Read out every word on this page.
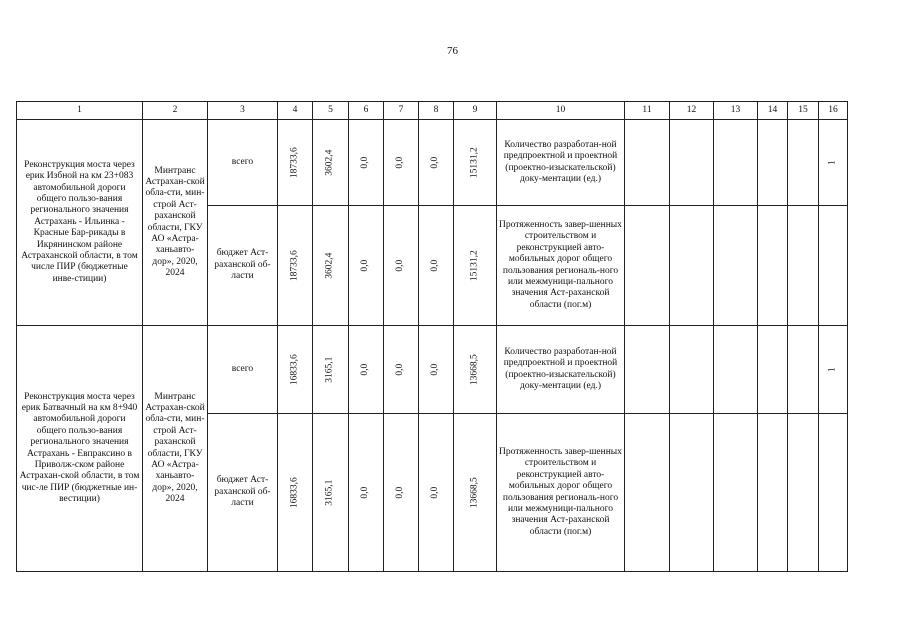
76
1	2	3	4	5	6	7	8	9	10	11	12	13	14	15	16
Реконструкция моста через ерик Избной на км 23+083 автомобильной дороги общего пользо-вания регионального значения Астрахань - Ильинка - Красные Бар-рикады в Икрянинском районе Астраханской области, в том числе ПИР (бюджетные инве-стиции)	Минтранс Астрахан-ской обла-сти, мин-строй Аст-раханской области, ГКУ АО «Астра-ханьавто-дор», 2020, 2024	всего	18733,6	3602,4	0,0	0,0	0,0	15131,2	Количество разработан-ной предпроектной и проектной (проектно-изыскательской) доку-ментации (ед.)						1
		бюджет Аст-раханской об-ласти	18733,6	3602,4	0,0	0,0	0,0	15131,2	Протяженность завер-шенных строительством и реконструкцией авто-мобильных дорог общего пользования региональ-ного или межмуници-пального значения Аст-раханской области (пог.м)						
Реконструкция моста через ерик Батвачный на км 8+940 автомобильной дороги общего пользо-вания регионального значения Астрахань - Евпраксино в Приволж-ском районе Астрахан-ской области, в том чис-ле ПИР (бюджетные ин-вестиции)	Минтранс Астрахан-ской обла-сти, мин-строй Аст-раханской области, ГКУ АО «Астра-ханьавто-дор», 2020, 2024	всего	16833,6	3165,1	0,0	0,0	0,0	13668,5	Количество разработан-ной предпроектной и проектной (проектно-изыскательской) доку-ментации (ед.)						1
		бюджет Аст-раханской об-ласти	16833,6	3165,1	0,0	0,0	0,0	13668,5	Протяженность завер-шенных строительством и реконструкцией авто-мобильных дорог общего пользования региональ-ного или межмуници-пального значения Аст-раханской области (пог.м)						
